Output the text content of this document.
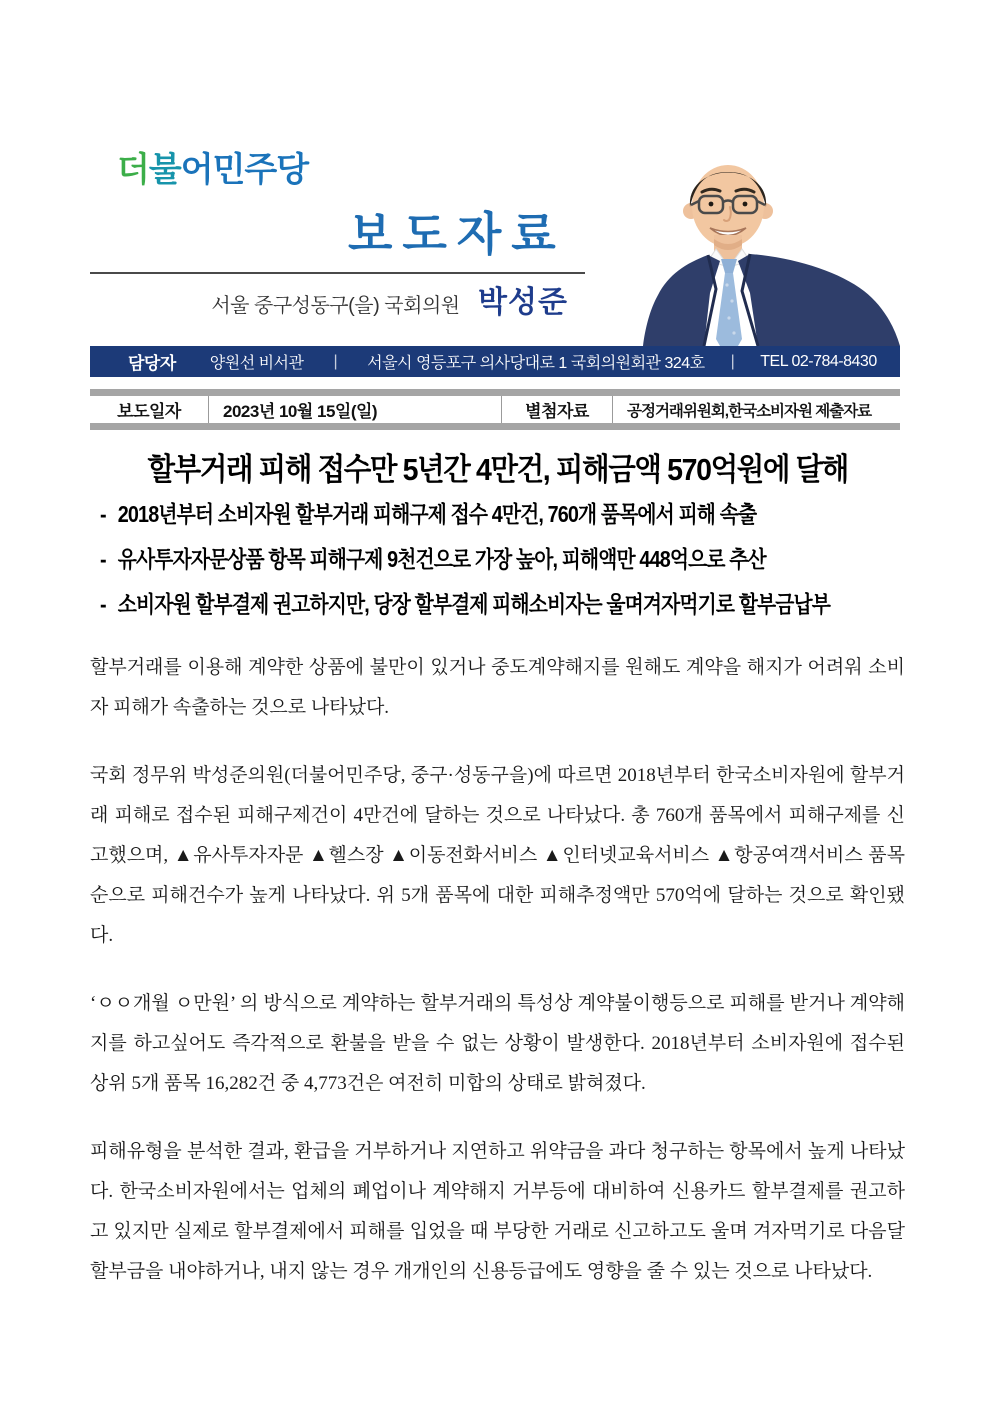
더불어민주당
보도자료
서울 중구성동구(을) 국회의원 박성준
담당자 양원선 비서관 | 서울시 영등포구 의사당대로 1 국회의원회관 324호 | TEL 02-784-8430
보도일자	2023년 10월 15일(일)	별첨자료	공정거래위원회,한국소비자원 제출자료
할부거래 피해 접수만 5년간 4만건, 피해금액 570억원에 달해
- 2018년부터 소비자원 할부거래 피해구제 접수 4만건, 760개 품목에서 피해 속출
- 유사투자자문상품 항목 피해구제 9천건으로 가장 높아, 피해액만 448억으로 추산
- 소비자원 할부결제 권고하지만, 당장 할부결제 피해소비자는 울며겨자먹기로 할부금납부

할부거래를 이용해 계약한 상품에 불만이 있거나 중도계약해지를 원해도 계약을 해지가 어려워 소비자 피해가 속출하는 것으로 나타났다.

국회 정무위 박성준의원(더불어민주당, 중구·성동구을)에 따르면 2018년부터 한국소비자원에 할부거래 피해로 접수된 피해구제건이 4만건에 달하는 것으로 나타났다. 총 760개 품목에서 피해구제를 신고했으며, ▲유사투자자문 ▲헬스장 ▲이동전화서비스 ▲인터넷교육서비스 ▲항공여객서비스 품목순으로 피해건수가 높게 나타났다. 위 5개 품목에 대한 피해추정액만 570억에 달하는 것으로 확인됐다.

‘ㅇㅇ개월 ㅇ만원’ 의 방식으로 계약하는 할부거래의 특성상 계약불이행등으로 피해를 받거나 계약해지를 하고싶어도 즉각적으로 환불을 받을 수 없는 상황이 발생한다. 2018년부터 소비자원에 접수된 상위 5개 품목 16,282건 중 4,773건은 여전히 미합의 상태로 밝혀졌다.

피해유형을 분석한 결과, 환급을 거부하거나 지연하고 위약금을 과다 청구하는 항목에서 높게 나타났다. 한국소비자원에서는 업체의 폐업이나 계약해지 거부등에 대비하여 신용카드 할부결제를 권고하고 있지만 실제로 할부결제에서 피해를 입었을 때 부당한 거래로 신고하고도 울며 겨자먹기로 다음달 할부금을 내야하거나, 내지 않는 경우 개개인의 신용등급에도 영향을 줄 수 있는 것으로 나타났다.
